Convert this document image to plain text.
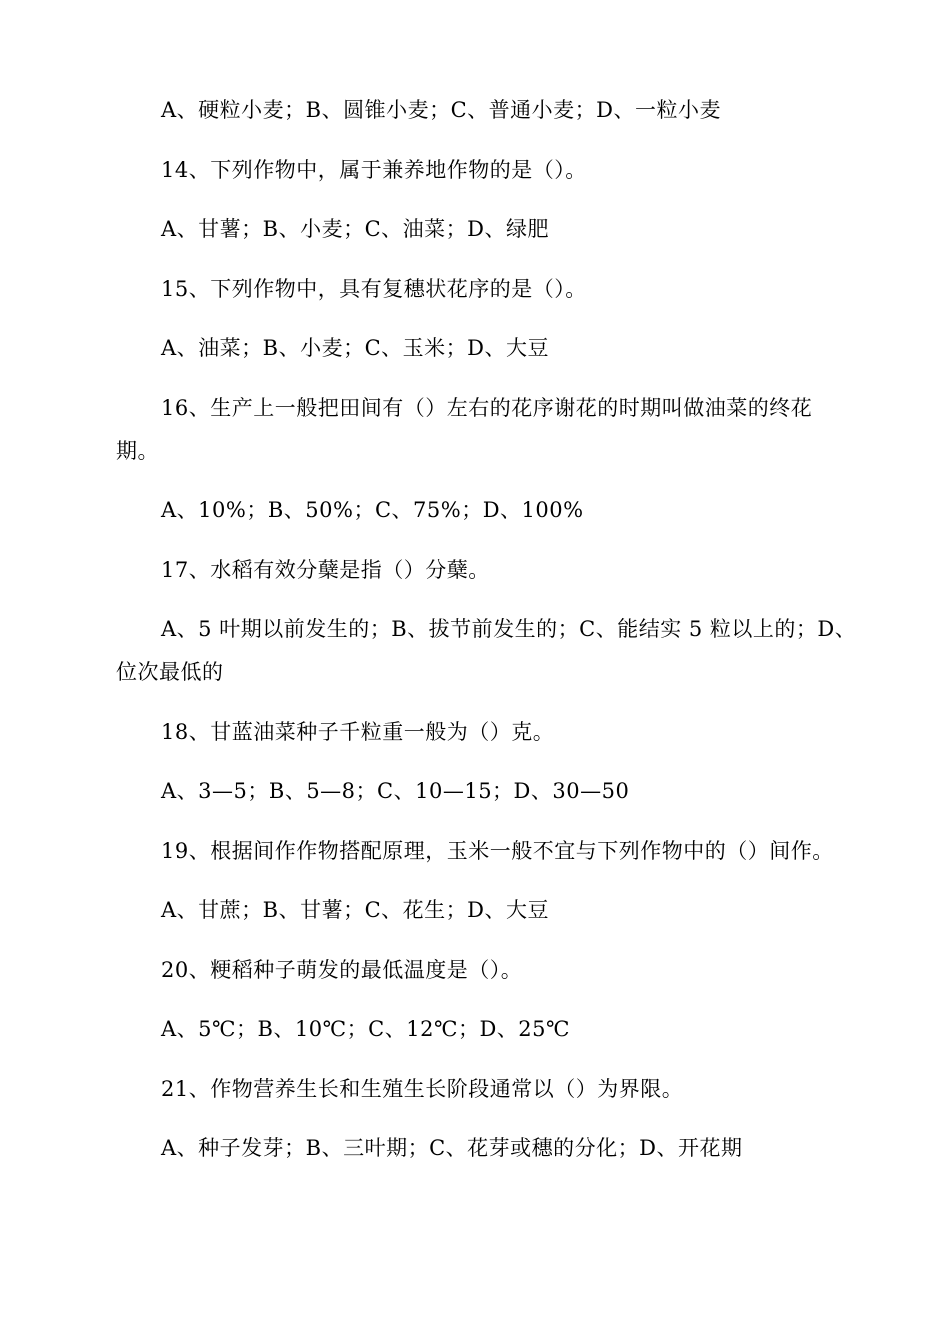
A、硬粒小麦；B、圆锥小麦；C、普通小麦；D、一粒小麦
14、下列作物中，属于兼养地作物的是（）。
A、甘薯；B、小麦；C、油菜；D、绿肥
15、下列作物中，具有复穗状花序的是（）。
A、油菜；B、小麦；C、玉米；D、大豆
16、生产上一般把田间有（）左右的花序谢花的时期叫做油菜的终花
期。
A、10%；B、50%；C、75%；D、100%
17、水稻有效分蘖是指（）分蘖。
A、5 叶期以前发生的；B、拔节前发生的；C、能结实 5 粒以上的；D、
位次最低的
18、甘蓝油菜种子千粒重一般为（）克。
A、3—5；B、5—8；C、10—15；D、30—50
19、根据间作作物搭配原理，玉米一般不宜与下列作物中的（）间作。
A、甘蔗；B、甘薯；C、花生；D、大豆
20、粳稻种子萌发的最低温度是（）。
A、5℃；B、10℃；C、12℃；D、25℃
21、作物营养生长和生殖生长阶段通常以（）为界限。
A、种子发芽；B、三叶期；C、花芽或穗的分化；D、开花期
